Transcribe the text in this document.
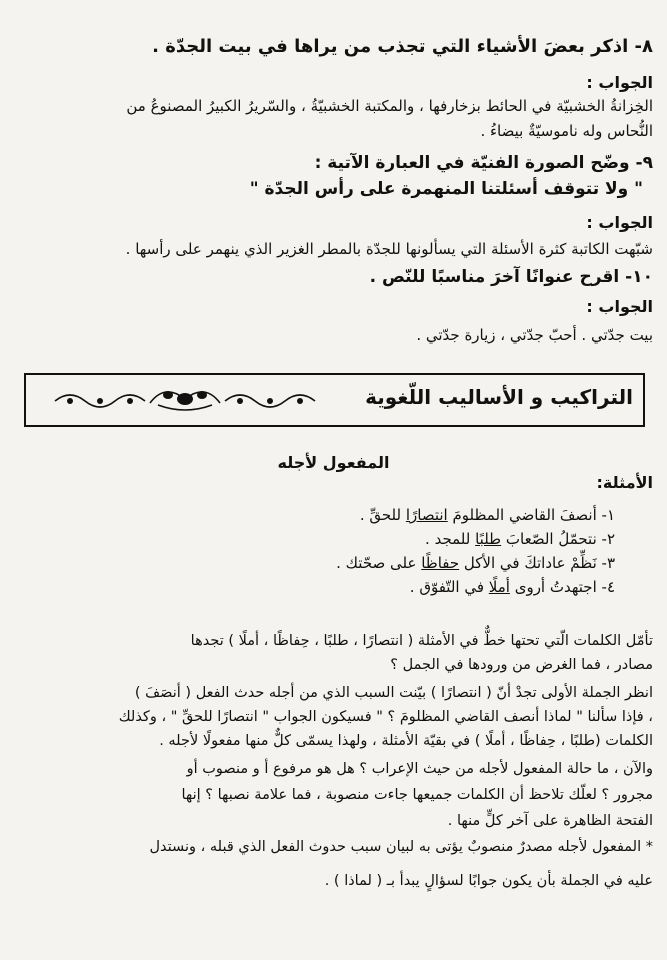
٨- اذكر بعضَ الأشياء التي تجذب من يراها في بيت الجدّة .
الجواب :
الخِزانةُ الخشبيّة في الحائط بزخارفها ، والمكتبة الخشبيّةُ ، والسّريرُ الكبيرُ المصنوعُ من
النُّحاس وله ناموسيّةٌ بيضاءُ .
٩- وضّح الصورة الفنيّة في العبارة الآتية :
" ولا تتوقف أسئلتنا المنهمرة على رأس الجدّة "
الجواب :
شبّهت الكاتبة كثرة الأسئلة التي يسألونها للجدّة بالمطر الغزير الذي ينهمر على رأسها .
١٠- اقرح عنوانًا آخرَ مناسبًا للنّص .
الجواب :
بيت جدّتي . أحبّ جدّتي ، زيارة جدّتي .
التراكيب و الأساليب اللّغوية
المفعول لأجله
الأمثلة:
١- أنصفَ القاضي المظلومَ انتصارًا للحقِّ .
٢- نتحمّلُ الصّعابَ طلبًا للمجد .
٣- نَظِّمْ عاداتكَ في الأكل حفاظًا على صحّتك .
٤- اجتهدتُ أروى أملًا في التّفوّق .
تأمّل الكلمات الّتي تحتها خطٌّ في الأمثلة ( انتصارًا ، طلبًا ، حِفاظًا ، أملًا ) تجدها
مصادر ، فما الغرض من ورودها في الجمل ؟
انظر الجملة الأولى تجدْ أنّ ( انتصارًا ) بيّنت السبب الذي من أجله حدث الفعل ( أنصَفَ )
، فإذا سألنا " لماذا أنصف القاضي المظلومَ ؟ " فسيكون الجواب " انتصارًا للحقِّ " ، وكذلك
الكلمات (طلبًا ، حِفاظًا ، أملًا ) في بقيّة الأمثلة ، ولهذا يسمّى كلٌّ منها مفعولًا لأجله .
والآن ، ما حالة المفعول لأجله من حيث الإعراب ؟ هل هو مرفوع أ و منصوب أو
مجرور ؟ لعلّك تلاحظ أن الكلمات جميعها جاءت منصوبة ، فما علامة نصبها ؟ إنها
الفتحة الظاهرة على آخر كلٍّ منها .
* المفعول لأجله مصدرٌ منصوبٌ يؤتى به لبيان سبب حدوث الفعل الذي قبله ، ونستدل
عليه في الجملة بأن يكون جوابًا لسؤالٍ يبدأ بـ ( لماذا ) .
